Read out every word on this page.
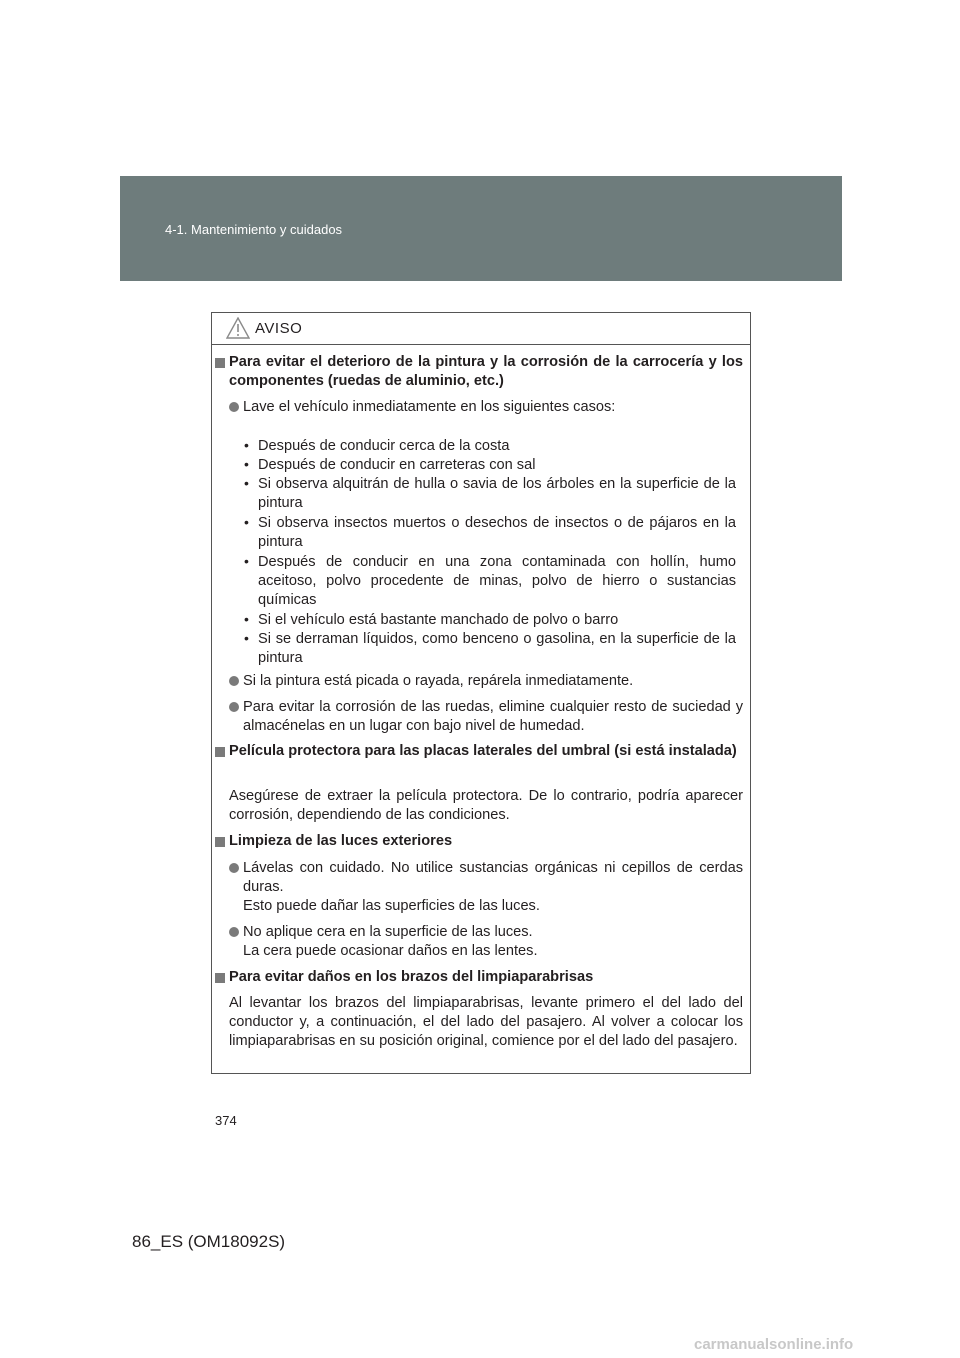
4-1. Mantenimiento y cuidados
AVISO
Para evitar el deterioro de la pintura y la corrosión de la carrocería y los componentes (ruedas de aluminio, etc.)
Lave el vehículo inmediatamente en los siguientes casos:
• Después de conducir cerca de la costa
• Después de conducir en carreteras con sal
• Si observa alquitrán de hulla o savia de los árboles en la superficie de la pintura
• Si observa insectos muertos o desechos de insectos o de pájaros en la pintura
• Después de conducir en una zona contaminada con hollín, humo aceitoso, polvo procedente de minas, polvo de hierro o sustancias químicas
• Si el vehículo está bastante manchado de polvo o barro
• Si se derraman líquidos, como benceno o gasolina, en la superficie de la pintura
Si la pintura está picada o rayada, repárela inmediatamente.
Para evitar la corrosión de las ruedas, elimine cualquier resto de suciedad y almacénelas en un lugar con bajo nivel de humedad.
Película protectora para las placas laterales del umbral (si está instalada)
Asegúrese de extraer la película protectora. De lo contrario, podría aparecer corrosión, dependiendo de las condiciones.
Limpieza de las luces exteriores
Lávelas con cuidado. No utilice sustancias orgánicas ni cepillos de cerdas duras.
Esto puede dañar las superficies de las luces.
No aplique cera en la superficie de las luces.
La cera puede ocasionar daños en las lentes.
Para evitar daños en los brazos del limpiaparabrisas
Al levantar los brazos del limpiaparabrisas, levante primero el del lado del conductor y, a continuación, el del lado del pasajero. Al volver a colocar los limpiaparabrisas en su posición original, comience por el del lado del pasajero.
374
86_ES (OM18092S)
carmanualsonline.info
